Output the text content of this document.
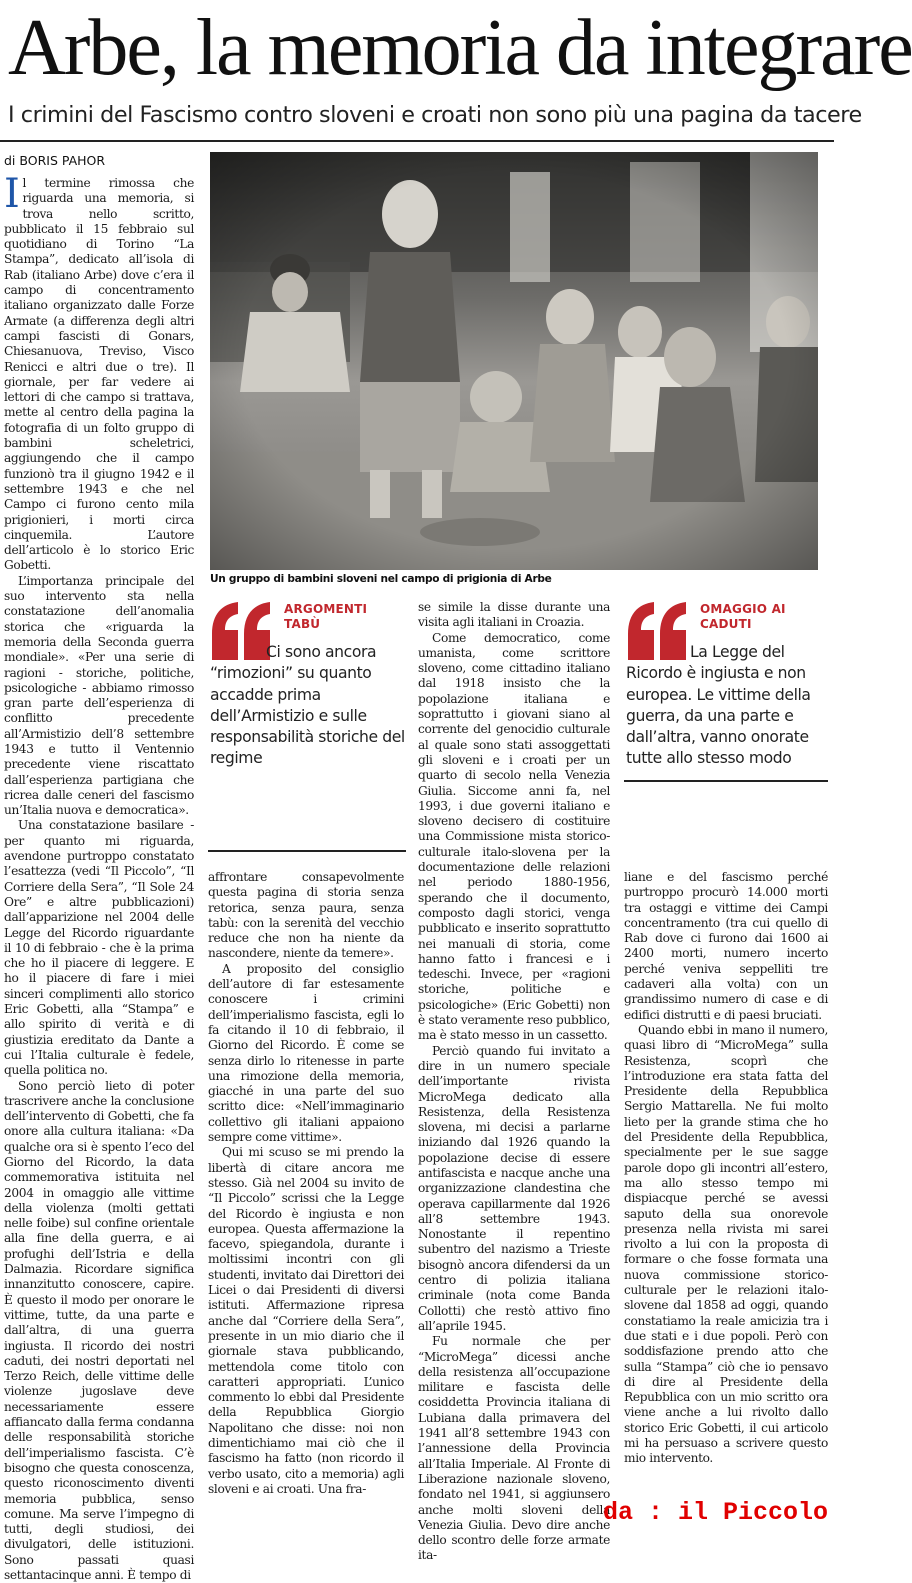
Arbe, la memoria da integrare
I crimini del Fascismo contro sloveni e croati non sono più una pagina da tacere
di BORIS PAHOR

Il termine rimossa che riguarda una memoria, si trova nello scritto, pubblicato il 15 febbraio sul quotidiano di Torino “La Stampa”, dedicato all’isola di Rab (italiano Arbe) dove c’era il campo di concentramento italiano organizzato dalle Forze Armate (a differenza degli altri campi fascisti di Gonars, Chiesanuova, Treviso, Visco Renicci e altri due o tre). Il giornale, per far vedere ai lettori di che campo si trattava, mette al centro della pagina la fotografia di un folto gruppo di bambini scheletrici, aggiungendo che il campo funzionò tra il giugno 1942 e il settembre 1943 e che nel Campo ci furono cento mila prigionieri, i morti circa cinquemila. L’autore dell’articolo è lo storico Eric Gobetti.

L’importanza principale del suo intervento sta nella constatazione dell’anomalia storica che «riguarda la memoria della Seconda guerra mondiale». «Per una serie di ragioni - storiche, politiche, psicologiche - abbiamo rimosso gran parte dell’esperienza di conflitto precedente all’Armistizio dell’8 settembre 1943 e tutto il Ventennio precedente viene riscattato dall’esperienza partigiana che ricrea dalle ceneri del fascismo un’Italia nuova e democratica».

Una constatazione basilare - per quanto mi riguarda, avendone purtroppo constatato l’esattezza (vedi “Il Piccolo”, “Il Corriere della Sera”, “Il Sole 24 Ore” e altre pubblicazioni) dall’apparizione nel 2004 delle Legge del Ricordo riguardante il 10 di febbraio - che è la prima che ho il piacere di leggere. E ho il piacere di fare i miei sinceri complimenti allo storico Eric Gobetti, alla “Stampa” e allo spirito di verità e di giustizia ereditato da Dante a cui l’Italia culturale è fedele, quella politica no.

Sono perciò lieto di poter trascrivere anche la conclusione dell’intervento di Gobetti, che fa onore alla cultura italiana: «Da qualche ora si è spento l’eco del Giorno del Ricordo, la data commemorativa istituita nel 2004 in omaggio alle vittime della violenza (molti gettati nelle foibe) sul confine orientale alla fine della guerra, e ai profughi dell’Istria e della Dalmazia. Ricordare significa innanzitutto conoscere, capire. È questo il modo per onorare le vittime, tutte, da una parte e dall’altra, di una guerra ingiusta. Il ricordo dei nostri caduti, dei nostri deportati nel Terzo Reich, delle vittime delle violenze jugoslave deve necessariamente essere affiancato dalla ferma condanna delle responsabilità storiche dell’imperialismo fascista. C’è bisogno che questa conoscenza, questo riconoscimento diventi memoria pubblica, senso comune. Ma serve l’impegno di tutti, degli studiosi, dei divulgatori, delle istituzioni. Sono passati quasi settantacinque anni. È tempo di

Un gruppo di bambini sloveni nel campo di prigionia di Arbe
ARGOMENTI TABÙ
Ci sono ancora “rimozioni” su quanto accadde prima dell’Armistizio e sulle responsabilità storiche del regime
OMAGGIO AI CADUTI
La Legge del Ricordo è ingiusta e non europea. Le vittime della guerra, da una parte e dall’altra, vanno onorate tutte allo stesso modo

affrontare consapevolmente questa pagina di storia senza retorica, senza paura, senza tabù: con la serenità del vecchio reduce che non ha niente da nascondere, niente da temere».

A proposito del consiglio dell’autore di far estesamente conoscere i crimini dell’imperialismo fascista, egli lo fa citando il 10 di febbraio, il Giorno del Ricordo. È come se senza dirlo lo ritenesse in parte una rimozione della memoria, giacché in una parte del suo scritto dice: «Nell’immaginario collettivo gli italiani appaiono sempre come vittime».

Qui mi scuso se mi prendo la libertà di citare ancora me stesso. Già nel 2004 su invito de “Il Piccolo” scrissi che la Legge del Ricordo è ingiusta e non europea. Questa affermazione la facevo, spiegandola, durante i moltissimi incontri con gli studenti, invitato dai Direttori dei Licei o dai Presidenti di diversi istituti. Affermazione ripresa anche dal “Corriere della Sera”, presente in un mio diario che il giornale stava pubblicando, mettendola come titolo con caratteri appropriati. L’unico commento lo ebbi dal Presidente della Repubblica Giorgio Napolitano che disse: noi non dimentichiamo mai ciò che il fascismo ha fatto (non ricordo il verbo usato, cito a memoria) agli sloveni e ai croati. Una fra-

se simile la disse durante una visita agli italiani in Croazia.

Come democratico, come umanista, come scrittore sloveno, come cittadino italiano dal 1918 insisto che la popolazione italiana e soprattutto i giovani siano al corrente del genocidio culturale al quale sono stati assoggettati gli sloveni e i croati per un quarto di secolo nella Venezia Giulia. Siccome anni fa, nel 1993, i due governi italiano e sloveno decisero di costituire una Commissione mista storico-culturale italo-slovena per la documentazione delle relazioni nel periodo 1880-1956, sperando che il documento, composto dagli storici, venga pubblicato e inserito soprattutto nei manuali di storia, come hanno fatto i francesi e i tedeschi. Invece, per «ragioni storiche, politiche e psicologiche» (Eric Gobetti) non è stato veramente reso pubblico, ma è stato messo in un cassetto.

Perciò quando fui invitato a dire in un numero speciale dell’importante rivista MicroMega dedicato alla Resistenza, della Resistenza slovena, mi decisi a parlarne iniziando dal 1926 quando la popolazione decise di essere antifascista e nacque anche una organizzazione clandestina che operava capillarmente dal 1926 all’8 settembre 1943. Nonostante il repentino subentro del nazismo a Trieste bisognò ancora difendersi da un centro di polizia italiana criminale (nota come Banda Collotti) che restò attivo fino all’aprile 1945.

Fu normale che per “MicroMega” dicessi anche della resistenza all’occupazione militare e fascista delle cosiddetta Provincia italiana di Lubiana dalla primavera del 1941 all’8 settembre 1943 con l’annessione della Provincia all’Italia Imperiale. Al Fronte di Liberazione nazionale sloveno, fondato nel 1941, si aggiunsero anche molti sloveni della Venezia Giulia. Devo dire anche dello scontro delle forze armate ita-

liane e del fascismo perché purtroppo procurò 14.000 morti tra ostaggi e vittime dei Campi concentramento (tra cui quello di Rab dove ci furono dai 1600 ai 2400 morti, numero incerto perché veniva seppelliti tre cadaveri alla volta) con un grandissimo numero di case e di edifici distrutti e di paesi bruciati.

Quando ebbi in mano il numero, quasi libro di “MicroMega” sulla Resistenza, scoprì che l’introduzione era stata fatta del Presidente della Repubblica Sergio Mattarella. Ne fui molto lieto per la grande stima che ho del Presidente della Repubblica, specialmente per le sue sagge parole dopo gli incontri all’estero, ma allo stesso tempo mi dispiacque perché se avessi saputo della sua onorevole presenza nella rivista mi sarei rivolto a lui con la proposta di formare o che fosse formata una nuova commissione storico-culturale per le relazioni italo-slovene dal 1858 ad oggi, quando constatiamo la reale amicizia tra i due stati e i due popoli. Però con soddisfazione prendo atto che sulla “Stampa” ciò che io pensavo di dire al Presidente della Repubblica con un mio scritto ora viene anche a lui rivolto dallo storico Eric Gobetti, il cui articolo mi ha persuaso a scrivere questo mio intervento.

da : il Piccolo
